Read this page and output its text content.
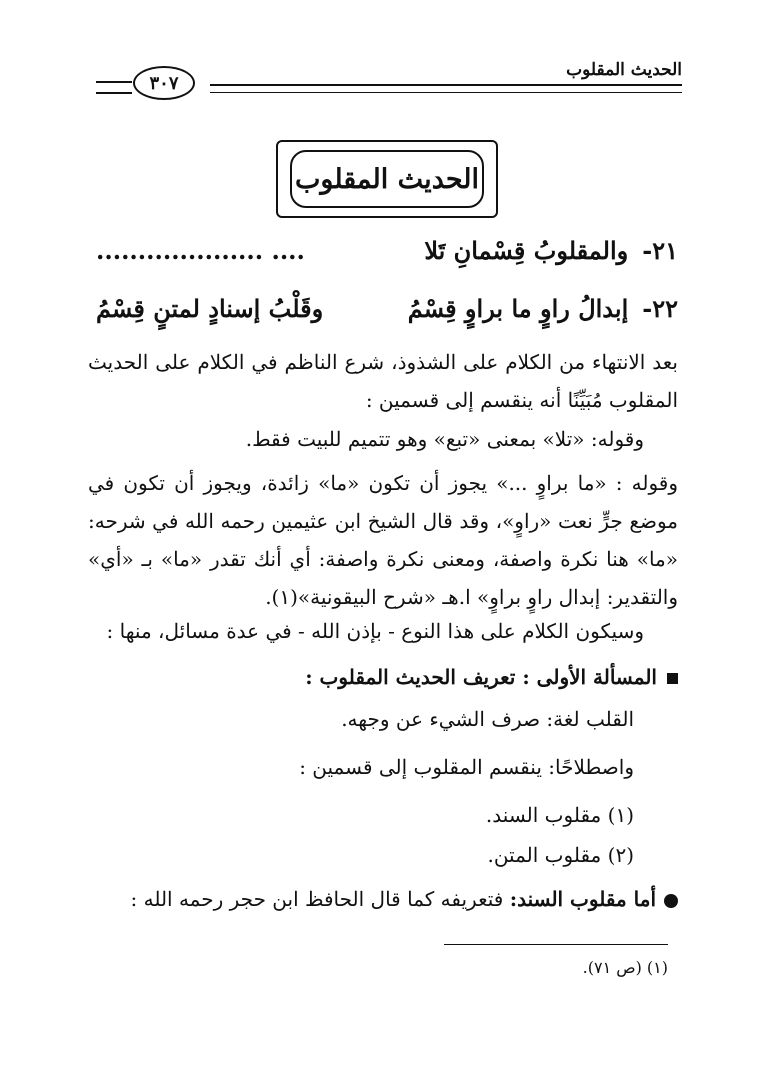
الحديث المقلوب
٣٠٧
الحديث المقلوب
٢١-
والمقلوبُ قِسْمانِ تَلا
.... ....................
٢٢-
إبدالُ راوٍ ما براوٍ قِسْمُ
وقَلْبُ إسنادٍ لمتنٍ قِسْمُ
بعد الانتهاء من الكلام على الشذوذ، شرع الناظم في الكلام على الحديث المقلوب مُبَيِّنًا أنه ينقسم إلى قسمين :
وقوله: «تلا» بمعنى «تبع» وهو تتميم للبيت فقط.
وقوله : «ما براوٍ ...» يجوز أن تكون «ما» زائدة، ويجوز أن تكون في موضع جرٍّ نعت «راوٍ»، وقد قال الشيخ ابن عثيمين رحمه الله في شرحه: «ما» هنا نكرة واصفة، ومعنى نكرة واصفة: أي أنك تقدر «ما» بـ «أي» والتقدير: إبدال راوٍ براوٍ» ا.هـ «شرح البيقونية»(١).
وسيكون الكلام على هذا النوع - بإذن الله - في عدة مسائل، منها :
المسألة الأولى : تعريف الحديث المقلوب :
القلب لغة: صرف الشيء عن وجهه.
واصطلاحًا: ينقسم المقلوب إلى قسمين :
(١) مقلوب السند.
(٢) مقلوب المتن.
أما مقلوب السند: فتعريفه كما قال الحافظ ابن حجر رحمه الله :
(١) (ص ٧١).
